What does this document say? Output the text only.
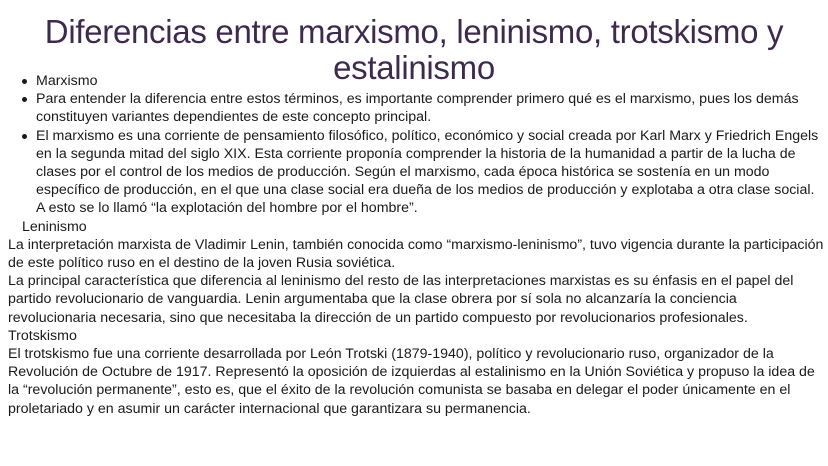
Diferencias entre marxismo, leninismo, trotskismo y estalinismo
Marxismo
Para entender la diferencia entre estos términos, es importante comprender primero qué es el marxismo, pues los demás constituyen variantes dependientes de este concepto principal.
El marxismo es una corriente de pensamiento filosófico, político, económico y social creada por Karl Marx y Friedrich Engels en la segunda mitad del siglo XIX. Esta corriente proponía comprender la historia de la humanidad a partir de la lucha de clases por el control de los medios de producción. Según el marxismo, cada época histórica se sostenía en un modo específico de producción, en el que una clase social era dueña de los medios de producción y explotaba a otra clase social. A esto se lo llamó “la explotación del hombre por el hombre”.
Leninismo

La interpretación marxista de Vladimir Lenin, también conocida como “marxismo-leninismo”, tuvo vigencia durante la participación de este político ruso en el destino de la joven Rusia soviética.

La principal característica que diferencia al leninismo del resto de las interpretaciones marxistas es su énfasis en el papel del partido revolucionario de vanguardia. Lenin argumentaba que la clase obrera por sí sola no alcanzaría la conciencia revolucionaria necesaria, sino que necesitaba la dirección de un partido compuesto por revolucionarios profesionales.

Trotskismo

El trotskismo fue una corriente desarrollada por León Trotski (1879-1940), político y revolucionario ruso, organizador de la Revolución de Octubre de 1917. Representó la oposición de izquierdas al estalinismo en la Unión Soviética y propuso la idea de la “revolución permanente”, esto es, que el éxito de la revolución comunista se basaba en delegar el poder únicamente en el proletariado y en asumir un carácter internacional que garantizara su permanencia.
